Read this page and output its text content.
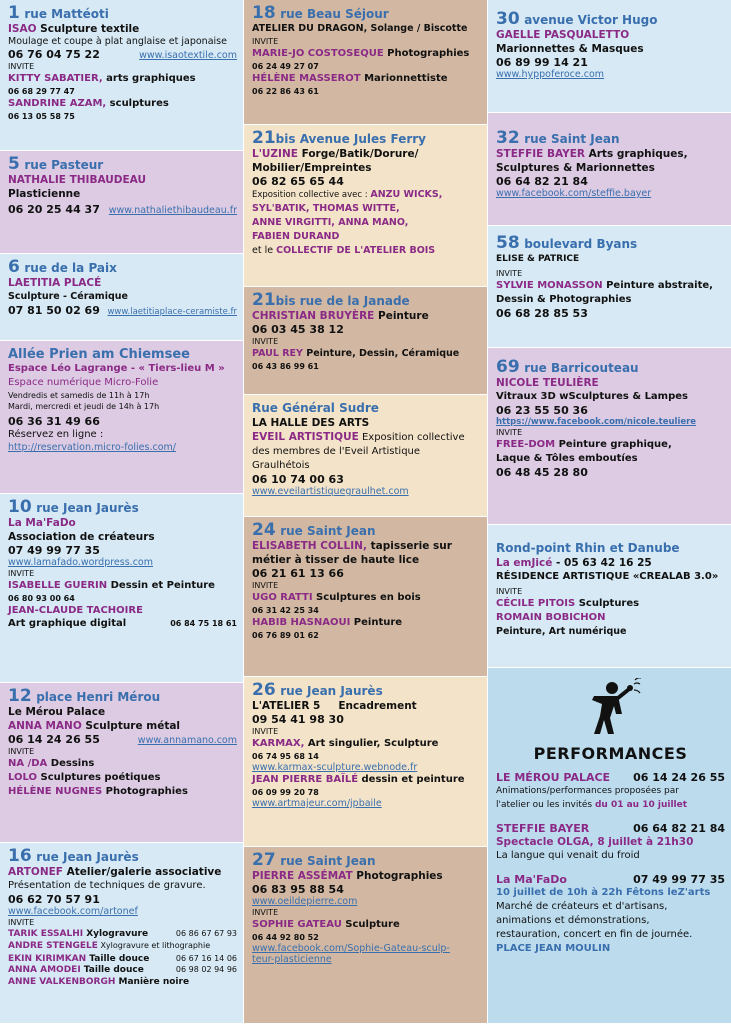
1 rue Mattéoti
ISAO Sculpture textile
Moulage et coupe à plat anglaise et japonaise
06 76 04 75 22	www.isaotextile.com
INVITE
KITTY SABATIER, arts graphiques
06 68 29 77 47
SANDRINE AZAM, sculptures
06 13 05 58 75
5 rue Pasteur
NATHALIE THIBAUDEAU
Plasticienne
06 20 25 44 37 www.nathaliethibaudeau.fr
6 rue de la Paix
LAETITIA PLACÉ
Sculpture - Céramique
07 81 50 02 69 www.laetitiaplace-ceramiste.fr
Allée Prien am Chiemsee
Espace Léo Lagrange - « Tiers-lieu M »
Espace numérique Micro-Folie
Vendredis et samedis de 11h à 17h
Mardi, mercredi et jeudi de 14h à 17h
06 36 31 49 66
Réservez en ligne :
http://reservation.micro-folies.com/
10 rue Jean Jaurès
La Ma'FaDo
Association de créateurs
07 49 99 77 35
www.lamafado.wordpress.com
INVITE
ISABELLE GUERIN Dessin et Peinture
06 80 93 00 64
JEAN-CLAUDE TACHOIRE
Art graphique digital	06 84 75 18 61
12 place Henri Mérou
Le Mérou Palace
ANNA MANO Sculpture métal
06 14 24 26 55	www.annamano.com
INVITE
NA /DA Dessins
LOLO Sculptures poétiques
HÉLÈNE NUGNES Photographies
16 rue Jean Jaurès
ARTONEF Atelier/galerie associative
Présentation de techniques de gravure.
06 62 70 57 91
www.facebook.com/artonef
INVITE
TARIK ESSALHI Xylogravure	06 86 67 67 93
ANDRE STENGELE Xylogravure et lithographie
EKIN KIRIMKAN Taille douce	06 67 16 14 06
ANNA AMODEI Taille douce	06 98 02 94 96
ANNE VALKENBORGH Manière noire
18 rue Beau Séjour
ATELIER DU DRAGON, Solange / Biscotte
INVITE
MARIE-JO COSTOSEQUE Photographies
06 24 49 27 07
HÉLÈNE MASSEROT Marionnettiste
06 22 86 43 61
21bis Avenue Jules Ferry
L'UZINE Forge/Batik/Dorure/
Mobilier/Empreintes
06 82 65 65 44
Exposition collective avec : ANZU WICKS,
SYL'BATIK, THOMAS WITTE,
ANNE VIRGITTI, ANNA MANO,
FABIEN DURAND
et le COLLECTIF DE L'ATELIER BOIS
21bis rue de la Janade
CHRISTIAN BRUYÈRE Peinture
06 03 45 38 12
INVITE
PAUL REY Peinture, Dessin, Céramique
06 43 86 99 61
Rue Général Sudre
LA HALLE DES ARTS
EVEIL ARTISTIQUE Exposition collective
des membres de l'Eveil Artistique
Graulhétois
06 10 74 00 63
www.eveilartistiquegraulhet.com
24 rue Saint Jean
ELISABETH COLLIN, tapisserie sur
métier à tisser de haute lice
06 21 61 13 66
INVITE
UGO RATTI Sculptures en bois
06 31 42 25 34
HABIB HASNAOUI Peinture
06 76 89 01 62
26 rue Jean Jaurès
L'ATELIER 5 Encadrement
09 54 41 98 30
INVITE
KARMAX, Art singulier, Sculpture
06 74 95 68 14
www.karmax-sculpture.webnode.fr
JEAN PIERRE BAÏLÉ dessin et peinture
06 09 99 20 78
www.artmajeur.com/jpbaile
27 rue Saint Jean
PIERRE ASSÉMAT Photographies
06 83 95 88 54
www.oeildepierre.com
INVITE
SOPHIE GATEAU Sculpture
06 44 92 80 52
www.facebook.com/Sophie-Gateau-sculp-
teur-plasticienne
30 avenue Victor Hugo
GAELLE PASQUALETTO
Marionnettes & Masques
06 89 99 14 21
www.hyppoferoce.com
32 rue Saint Jean
STEFFIE BAYER Arts graphiques,
Sculptures & Marionnettes
06 64 82 21 84
www.facebook.com/steffie.bayer
58 boulevard Byans
ELISE & PATRICE
INVITE
SYLVIE MONASSON Peinture abstraite,
Dessin & Photographies
06 68 28 85 53
69 rue Barricouteau
NICOLE TEULIÈRE
Vitraux 3D wSculptures & Lampes
06 23 55 50 36
https://www.facebook.com/nicole.teuliere
INVITE
FREE-DOM Peinture graphique,
Laque & Tôles emboutíes
06 48 45 28 80
Rond-point Rhin et Danube
La emJicé - 05 63 42 16 25
RÉSIDENCE ARTISTIQUE «CREALAB 3.0»
INVITE
CÉCILE PITOIS Sculptures
ROMAIN BOBICHON
Peinture, Art numérique
PERFORMANCES
LE MÉROU PALACE 06 14 24 26 55
Animations/performances proposées par
l'atelier ou les invités du 01 au 10 juillet
STEFFIE BAYER	06 64 82 21 84
Spectacle OLGA, 8 juillet à 21h30
La langue qui venait du froid
La Ma'FaDo	07 49 99 77 35
10 juillet de 10h à 22h Fêtons leZ'arts
Marché de créateurs et d'artisans,
animations et démonstrations,
restauration, concert en fin de journée.
PLACE JEAN MOULIN
